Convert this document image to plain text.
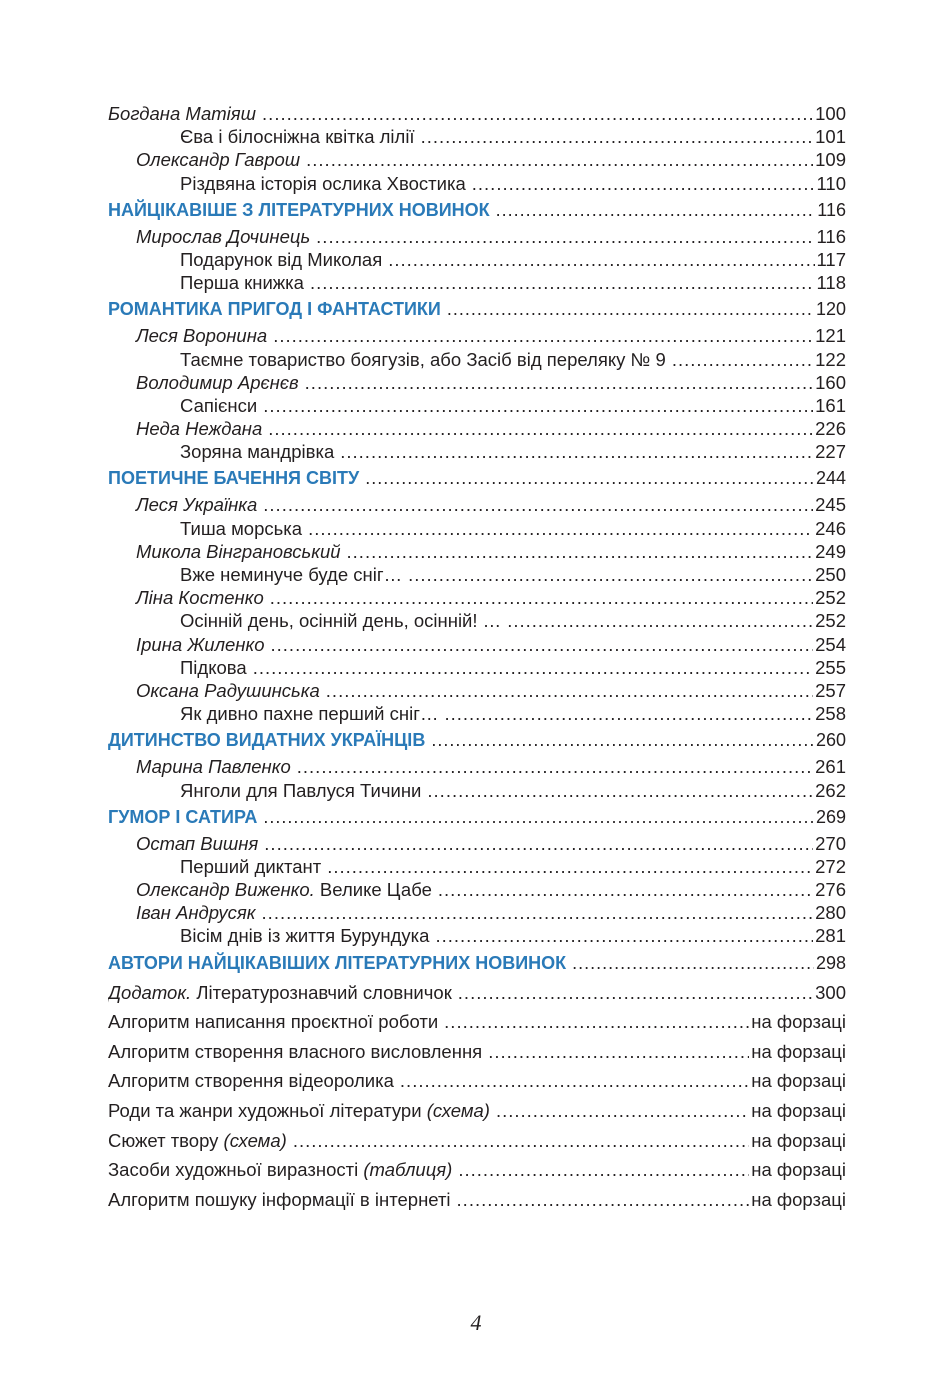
Богдана Матіяш .....	100
Єва і білосніжна квітка лілії .....	101
Олександр Гаврош .....	109
Різдвяна історія ослика Хвостика .....	110
НАЙЦІКАВІШЕ З ЛІТЕРАТУРНИХ НОВИНОК .....	116
Мирослав Дочинець .....	116
Подарунок від Миколая .....	117
Перша книжка .....	118
РОМАНТИКА ПРИГОД І ФАНТАСТИКИ .....	120
Леся Воронина .....	121
Таємне товариство боягузів, або Засіб від переляку № 9 .....	122
Володимир Арєнєв .....	160
Сапієнси .....	161
Неда Неждана .....	226
Зоряна мандрівка .....	227
ПОЕТИЧНЕ БАЧЕННЯ СВІТУ .....	244
Леся Українка .....	245
Тиша морська .....	246
Микола Вінграновський .....	249
Вже неминуче буде сніг… .....	250
Ліна Костенко .....	252
Осінній день, осінній день, осінній! … .....	252
Ірина Жиленко .....	254
Підкова .....	255
Оксана Радушинська .....	257
Як дивно пахне перший сніг… .....	258
ДИТИНСТВО ВИДАТНИХ УКРАЇНЦІВ .....	260
Марина Павленко .....	261
Янголи для Павлуся Тичини .....	262
ГУМОР І САТИРА .....	269
Остап Вишня .....	270
Перший диктант .....	272
Олександр Виженко. Велике Цабе .....	276
Іван Андрусяк .....	280
Вісім днів із життя Бурундука .....	281
АВТОРИ НАЙЦІКАВІШИХ ЛІТЕРАТУРНИХ НОВИНОК .....	298
Додаток. Літературознавчий словничок .....	300
Алгоритм написання проєктної роботи .....	на форзаці
Алгоритм створення власного висловлення .....	на форзаці
Алгоритм створення відеоролика .....	на форзаці
Роди та жанри художньої літератури (схема) .....	на форзаці
Сюжет твору (схема) .....	на форзаці
Засоби художньої виразності (таблиця) .....	на форзаці
Алгоритм пошуку інформації в інтернеті .....	на форзаці
4
